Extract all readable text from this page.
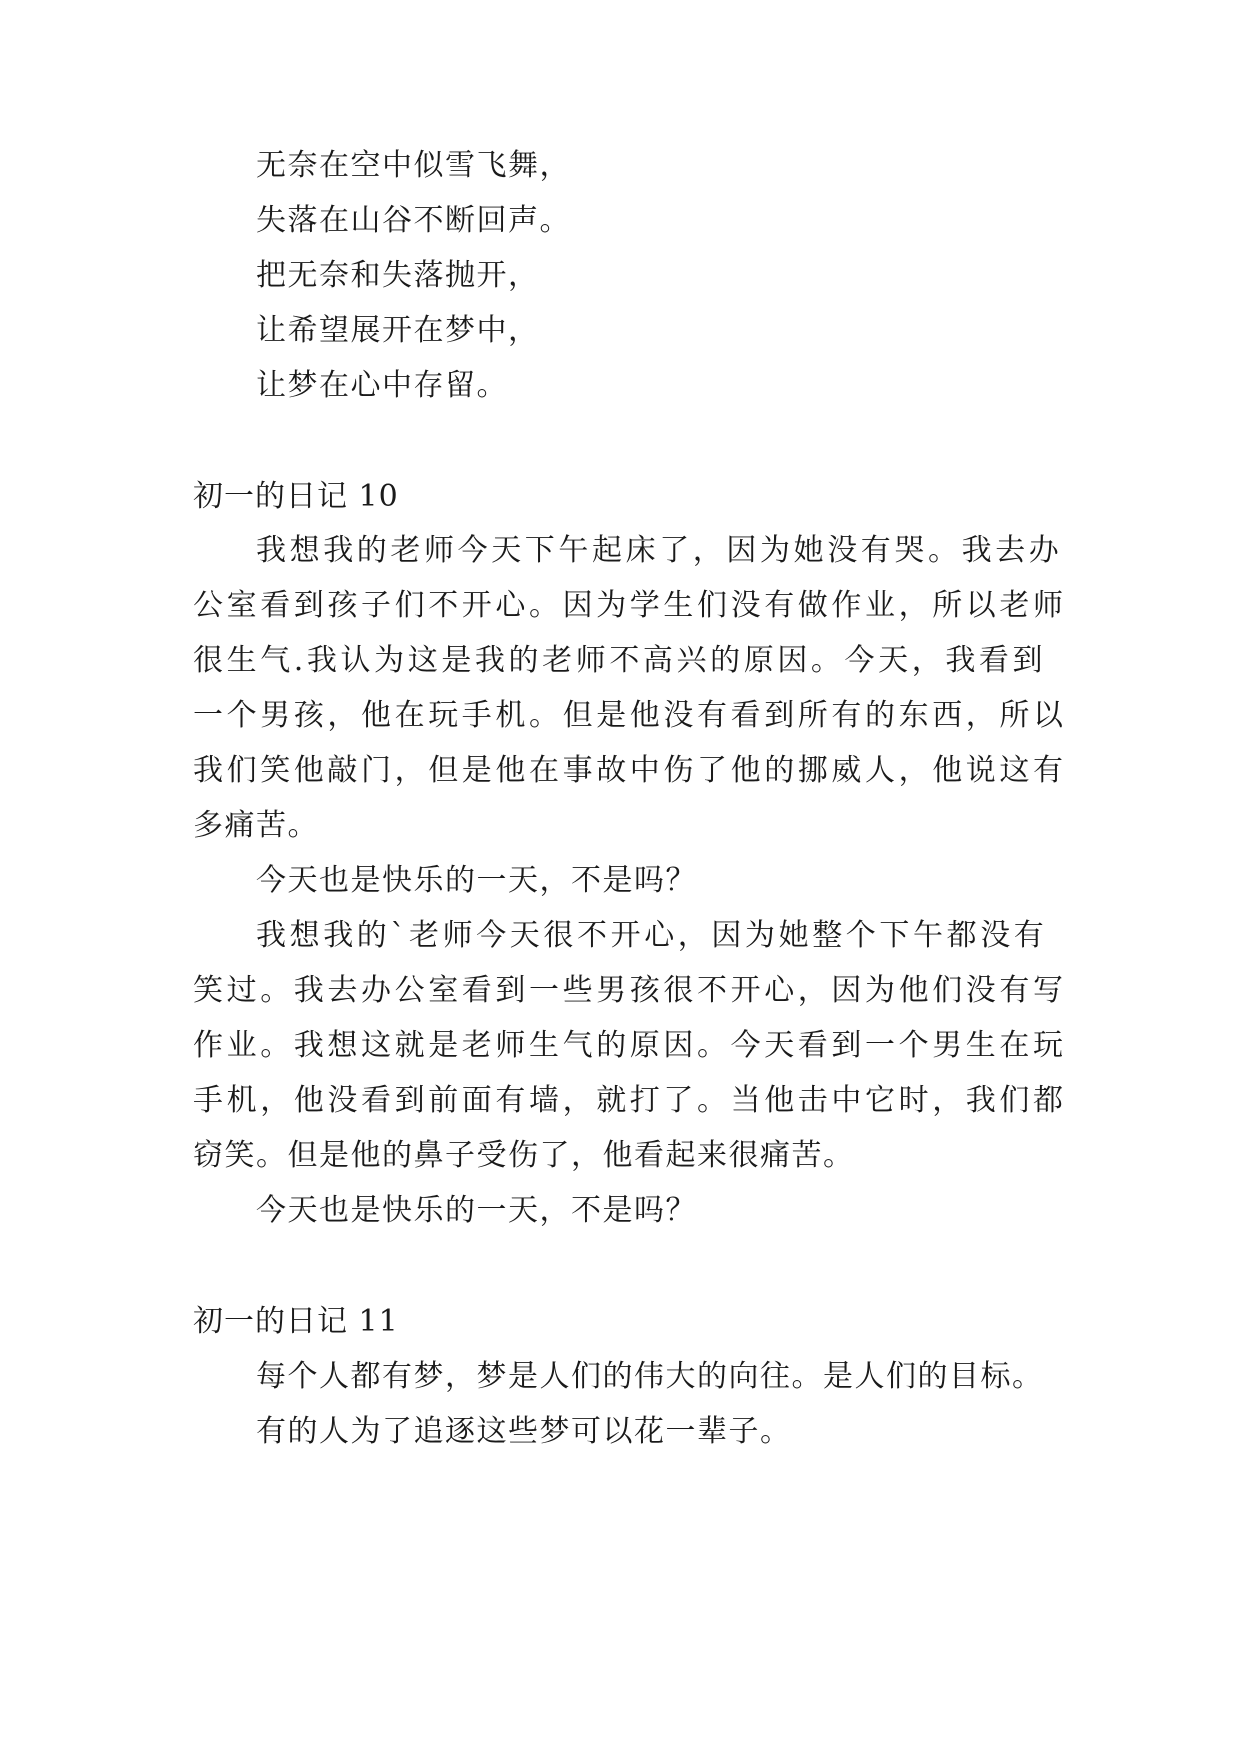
无奈在空中似雪飞舞，
失落在山谷不断回声。
把无奈和失落抛开，
让希望展开在梦中，
让梦在心中存留。
初一的日记 10
我想我的老师今天下午起床了，因为她没有哭。我去办
公室看到孩子们不开心。因为学生们没有做作业，所以老师
很生气.我认为这是我的老师不高兴的原因。今天，我看到
一个男孩，他在玩手机。但是他没有看到所有的东西，所以
我们笑他敲门，但是他在事故中伤了他的挪威人，他说这有
多痛苦。
今天也是快乐的一天，不是吗？
我想我的`老师今天很不开心，因为她整个下午都没有
笑过。我去办公室看到一些男孩很不开心，因为他们没有写
作业。我想这就是老师生气的原因。今天看到一个男生在玩
手机，他没看到前面有墙，就打了。当他击中它时，我们都
窃笑。但是他的鼻子受伤了，他看起来很痛苦。
今天也是快乐的一天，不是吗？
初一的日记 11
每个人都有梦，梦是人们的伟大的向往。是人们的目标。
有的人为了追逐这些梦可以花一辈子。
